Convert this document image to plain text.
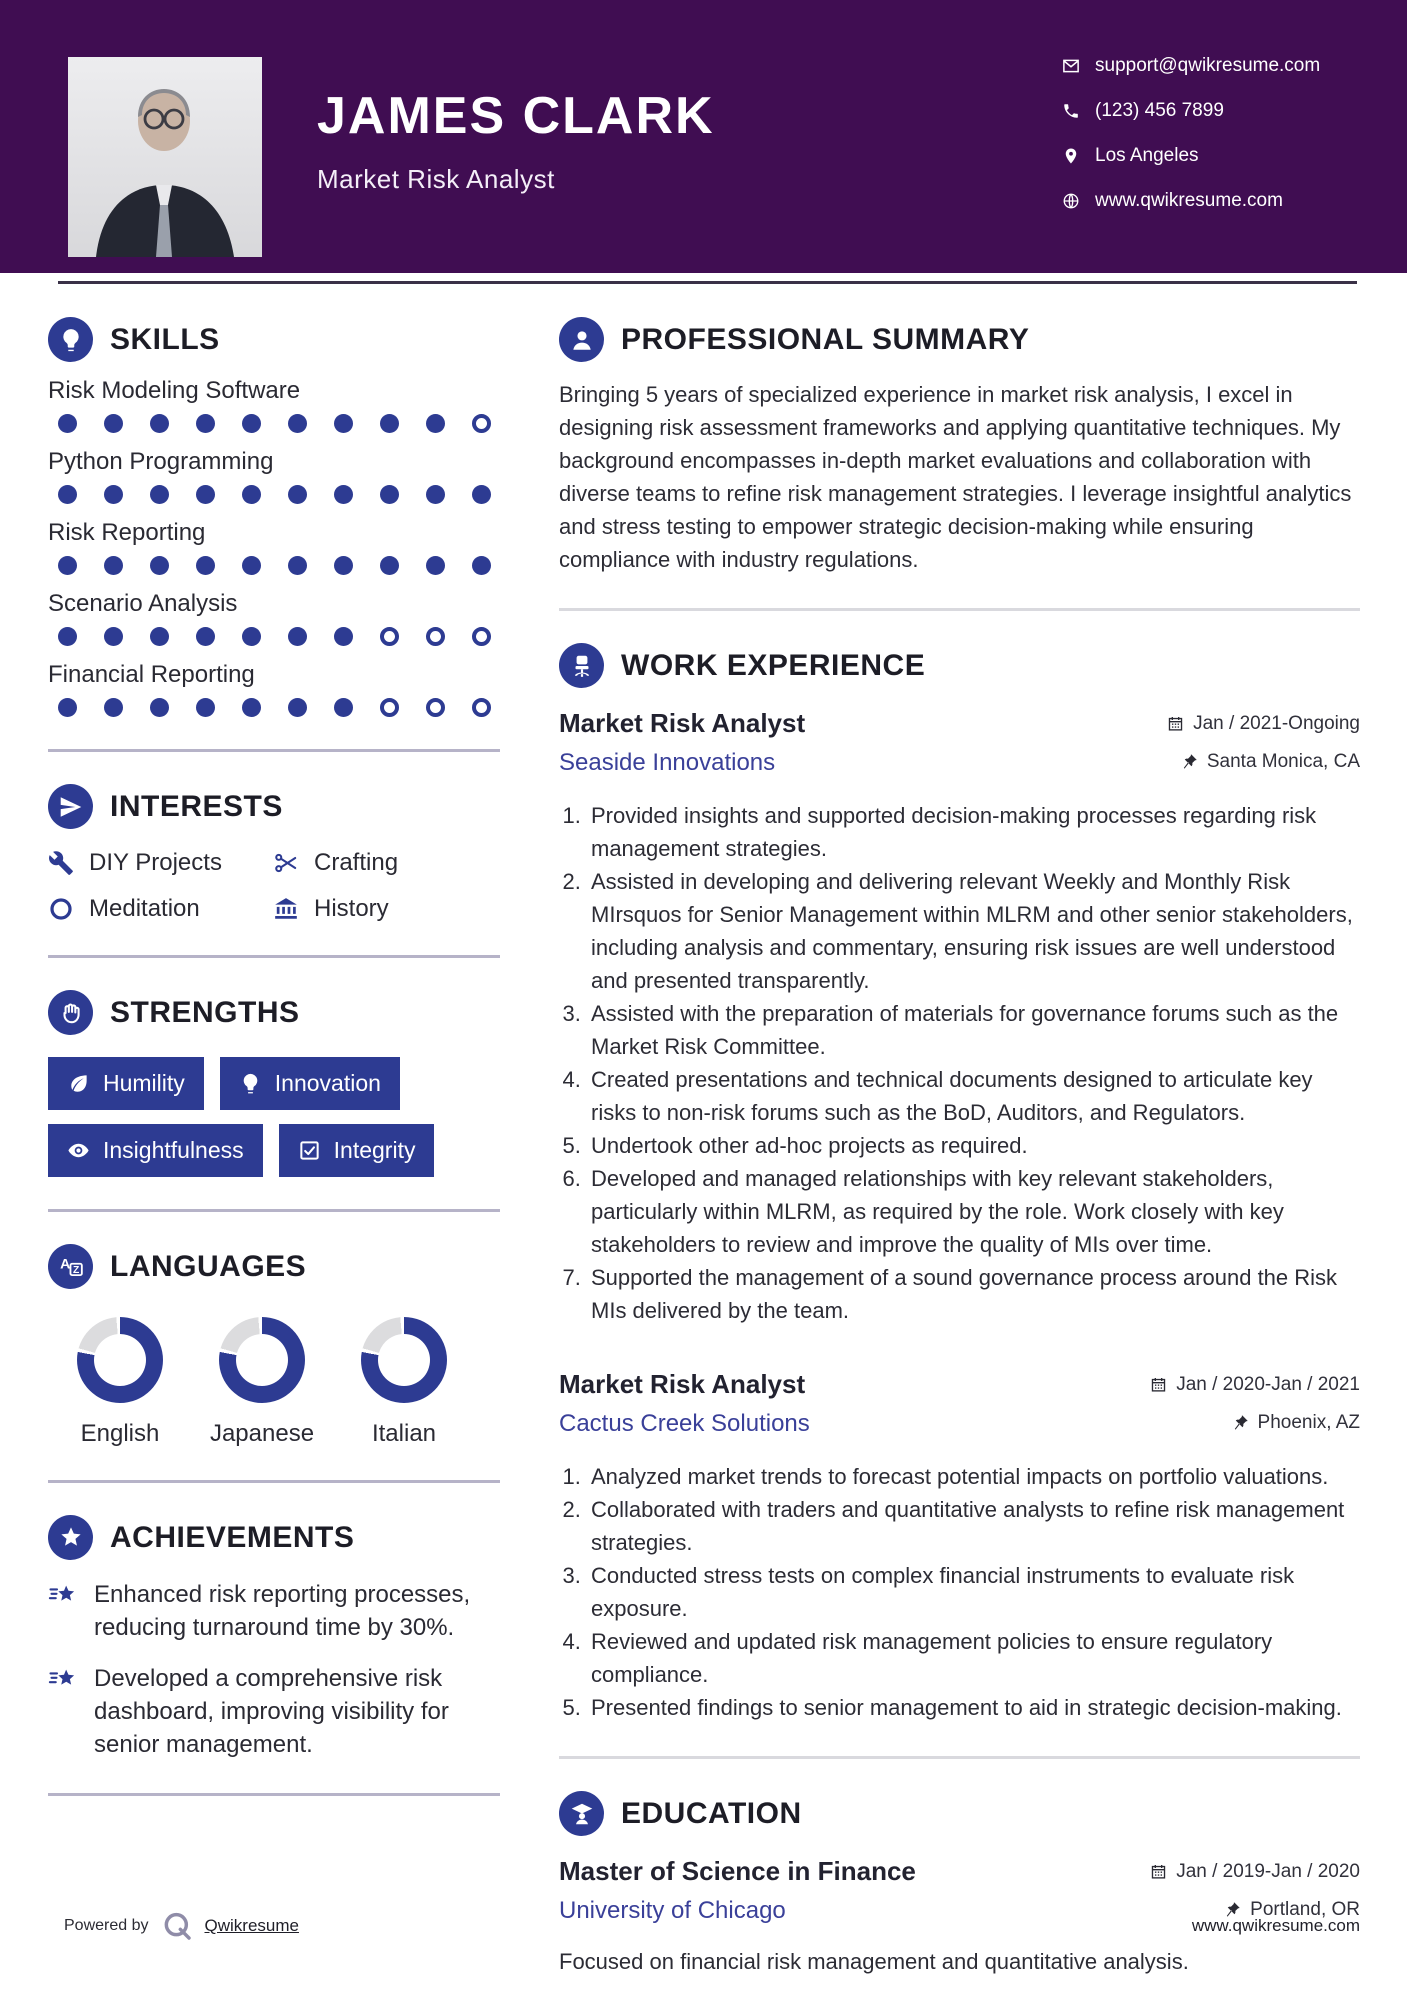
JAMES CLARK
Market Risk Analyst
support@qwikresume.com
(123) 456 7899
Los Angeles
www.qwikresume.com
SKILLS
Risk Modeling Software
Python Programming
Risk Reporting
Scenario Analysis
Financial Reporting
INTERESTS
DIY Projects	Crafting
Meditation	History
STRENGTHS
Humility	Innovation
Insightfulness	Integrity
A Z LANGUAGES
English Japanese Italian
ACHIEVEMENTS
Enhanced risk reporting processes, reducing turnaround time by 30%.
Developed a comprehensive risk dashboard, improving visibility for senior management.
PROFESSIONAL SUMMARY

Bringing 5 years of specialized experience in market risk analysis, I excel in designing risk assessment frameworks and applying quantitative techniques. My background encompasses in-depth market evaluations and collaboration with diverse teams to refine risk management strategies. I leverage insightful analytics and stress testing to empower strategic decision-making while ensuring compliance with industry regulations.

WORK EXPERIENCE
Market Risk Analyst	Jan / 2021-Ongoing
Seaside Innovations	Santa Monica, CA
1. Provided insights and supported decision-making processes regarding risk management strategies.
2. Assisted in developing and delivering relevant Weekly and Monthly Risk MIrsquos for Senior Management within MLRM and other senior stakeholders, including analysis and commentary, ensuring risk issues are well understood and presented transparently.
3. Assisted with the preparation of materials for governance forums such as the Market Risk Committee.
4. Created presentations and technical documents designed to articulate key risks to non-risk forums such as the BoD, Auditors, and Regulators.
5. Undertook other ad-hoc projects as required.
6. Developed and managed relationships with key relevant stakeholders, particularly within MLRM, as required by the role. Work closely with key stakeholders to review and improve the quality of MIs over time.
7. Supported the management of a sound governance process around the Risk MIs delivered by the team.
Market Risk Analyst	Jan / 2020-Jan / 2021
Cactus Creek Solutions	Phoenix, AZ
1. Analyzed market trends to forecast potential impacts on portfolio valuations.
2. Collaborated with traders and quantitative analysts to refine risk management strategies.
3. Conducted stress tests on complex financial instruments to evaluate risk exposure.
4. Reviewed and updated risk management policies to ensure regulatory compliance.
5. Presented findings to senior management to aid in strategic decision-making.
EDUCATION
Master of Science in Finance	Jan / 2019-Jan / 2020
University of Chicago	Portland, OR

Focused on financial risk management and quantitative analysis.

Powered by	Qwikresume	www.qwikresume.com
